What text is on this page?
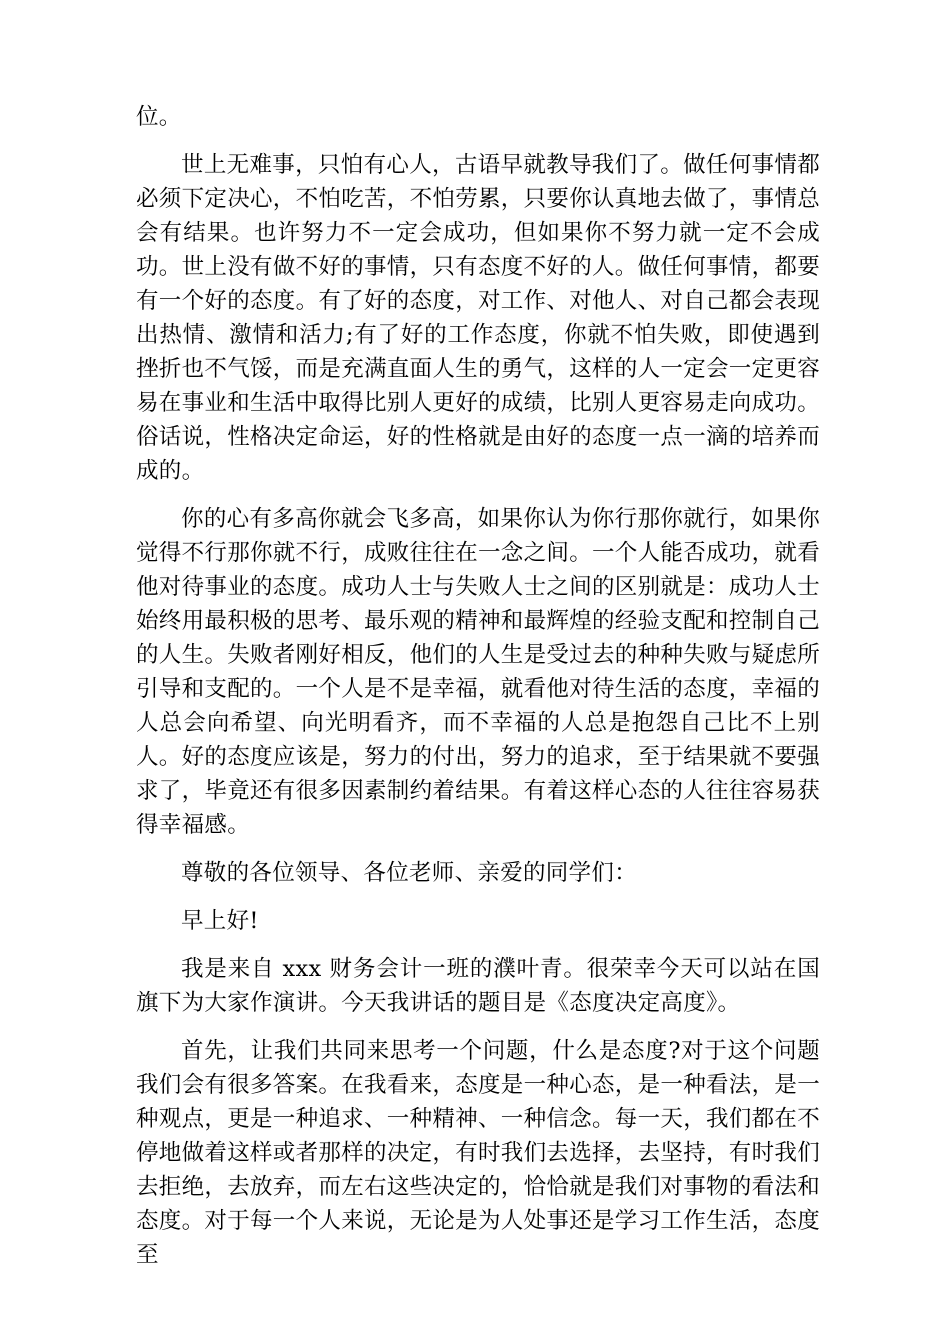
位。

世上无难事，只怕有心人，古语早就教导我们了。做任何事情都必须下定决心，不怕吃苦，不怕劳累，只要你认真地去做了，事情总会有结果。也许努力不一定会成功，但如果你不努力就一定不会成功。世上没有做不好的事情，只有态度不好的人。做任何事情，都要有一个好的态度。有了好的态度，对工作、对他人、对自己都会表现出热情、激情和活力;有了好的工作态度，你就不怕失败，即使遇到挫折也不气馁，而是充满直面人生的勇气，这样的人一定会一定更容易在事业和生活中取得比别人更好的成绩，比别人更容易走向成功。俗话说，性格决定命运，好的性格就是由好的态度一点一滴的培养而成的。

你的心有多高你就会飞多高，如果你认为你行那你就行，如果你觉得不行那你就不行，成败往往在一念之间。一个人能否成功，就看他对待事业的态度。成功人士与失败人士之间的区别就是：成功人士始终用最积极的思考、最乐观的精神和最辉煌的经验支配和控制自己的人生。失败者刚好相反，他们的人生是受过去的种种失败与疑虑所引导和支配的。一个人是不是幸福，就看他对待生活的态度，幸福的人总会向希望、向光明看齐，而不幸福的人总是抱怨自己比不上别人。好的态度应该是，努力的付出，努力的追求，至于结果就不要强求了，毕竟还有很多因素制约着结果。有着这样心态的人往往容易获得幸福感。

尊敬的各位领导、各位老师、亲爱的同学们：

早上好!

我是来自 xxx 财务会计一班的濮叶青。很荣幸今天可以站在国旗下为大家作演讲。今天我讲话的题目是《态度决定高度》。

首先，让我们共同来思考一个问题，什么是态度?对于这个问题我们会有很多答案。在我看来，态度是一种心态，是一种看法，是一种观点，更是一种追求、一种精神、一种信念。每一天，我们都在不停地做着这样或者那样的决定，有时我们去选择，去坚持，有时我们去拒绝，去放弃，而左右这些决定的，恰恰就是我们对事物的看法和态度。对于每一个人来说，无论是为人处事还是学习工作生活，态度至
